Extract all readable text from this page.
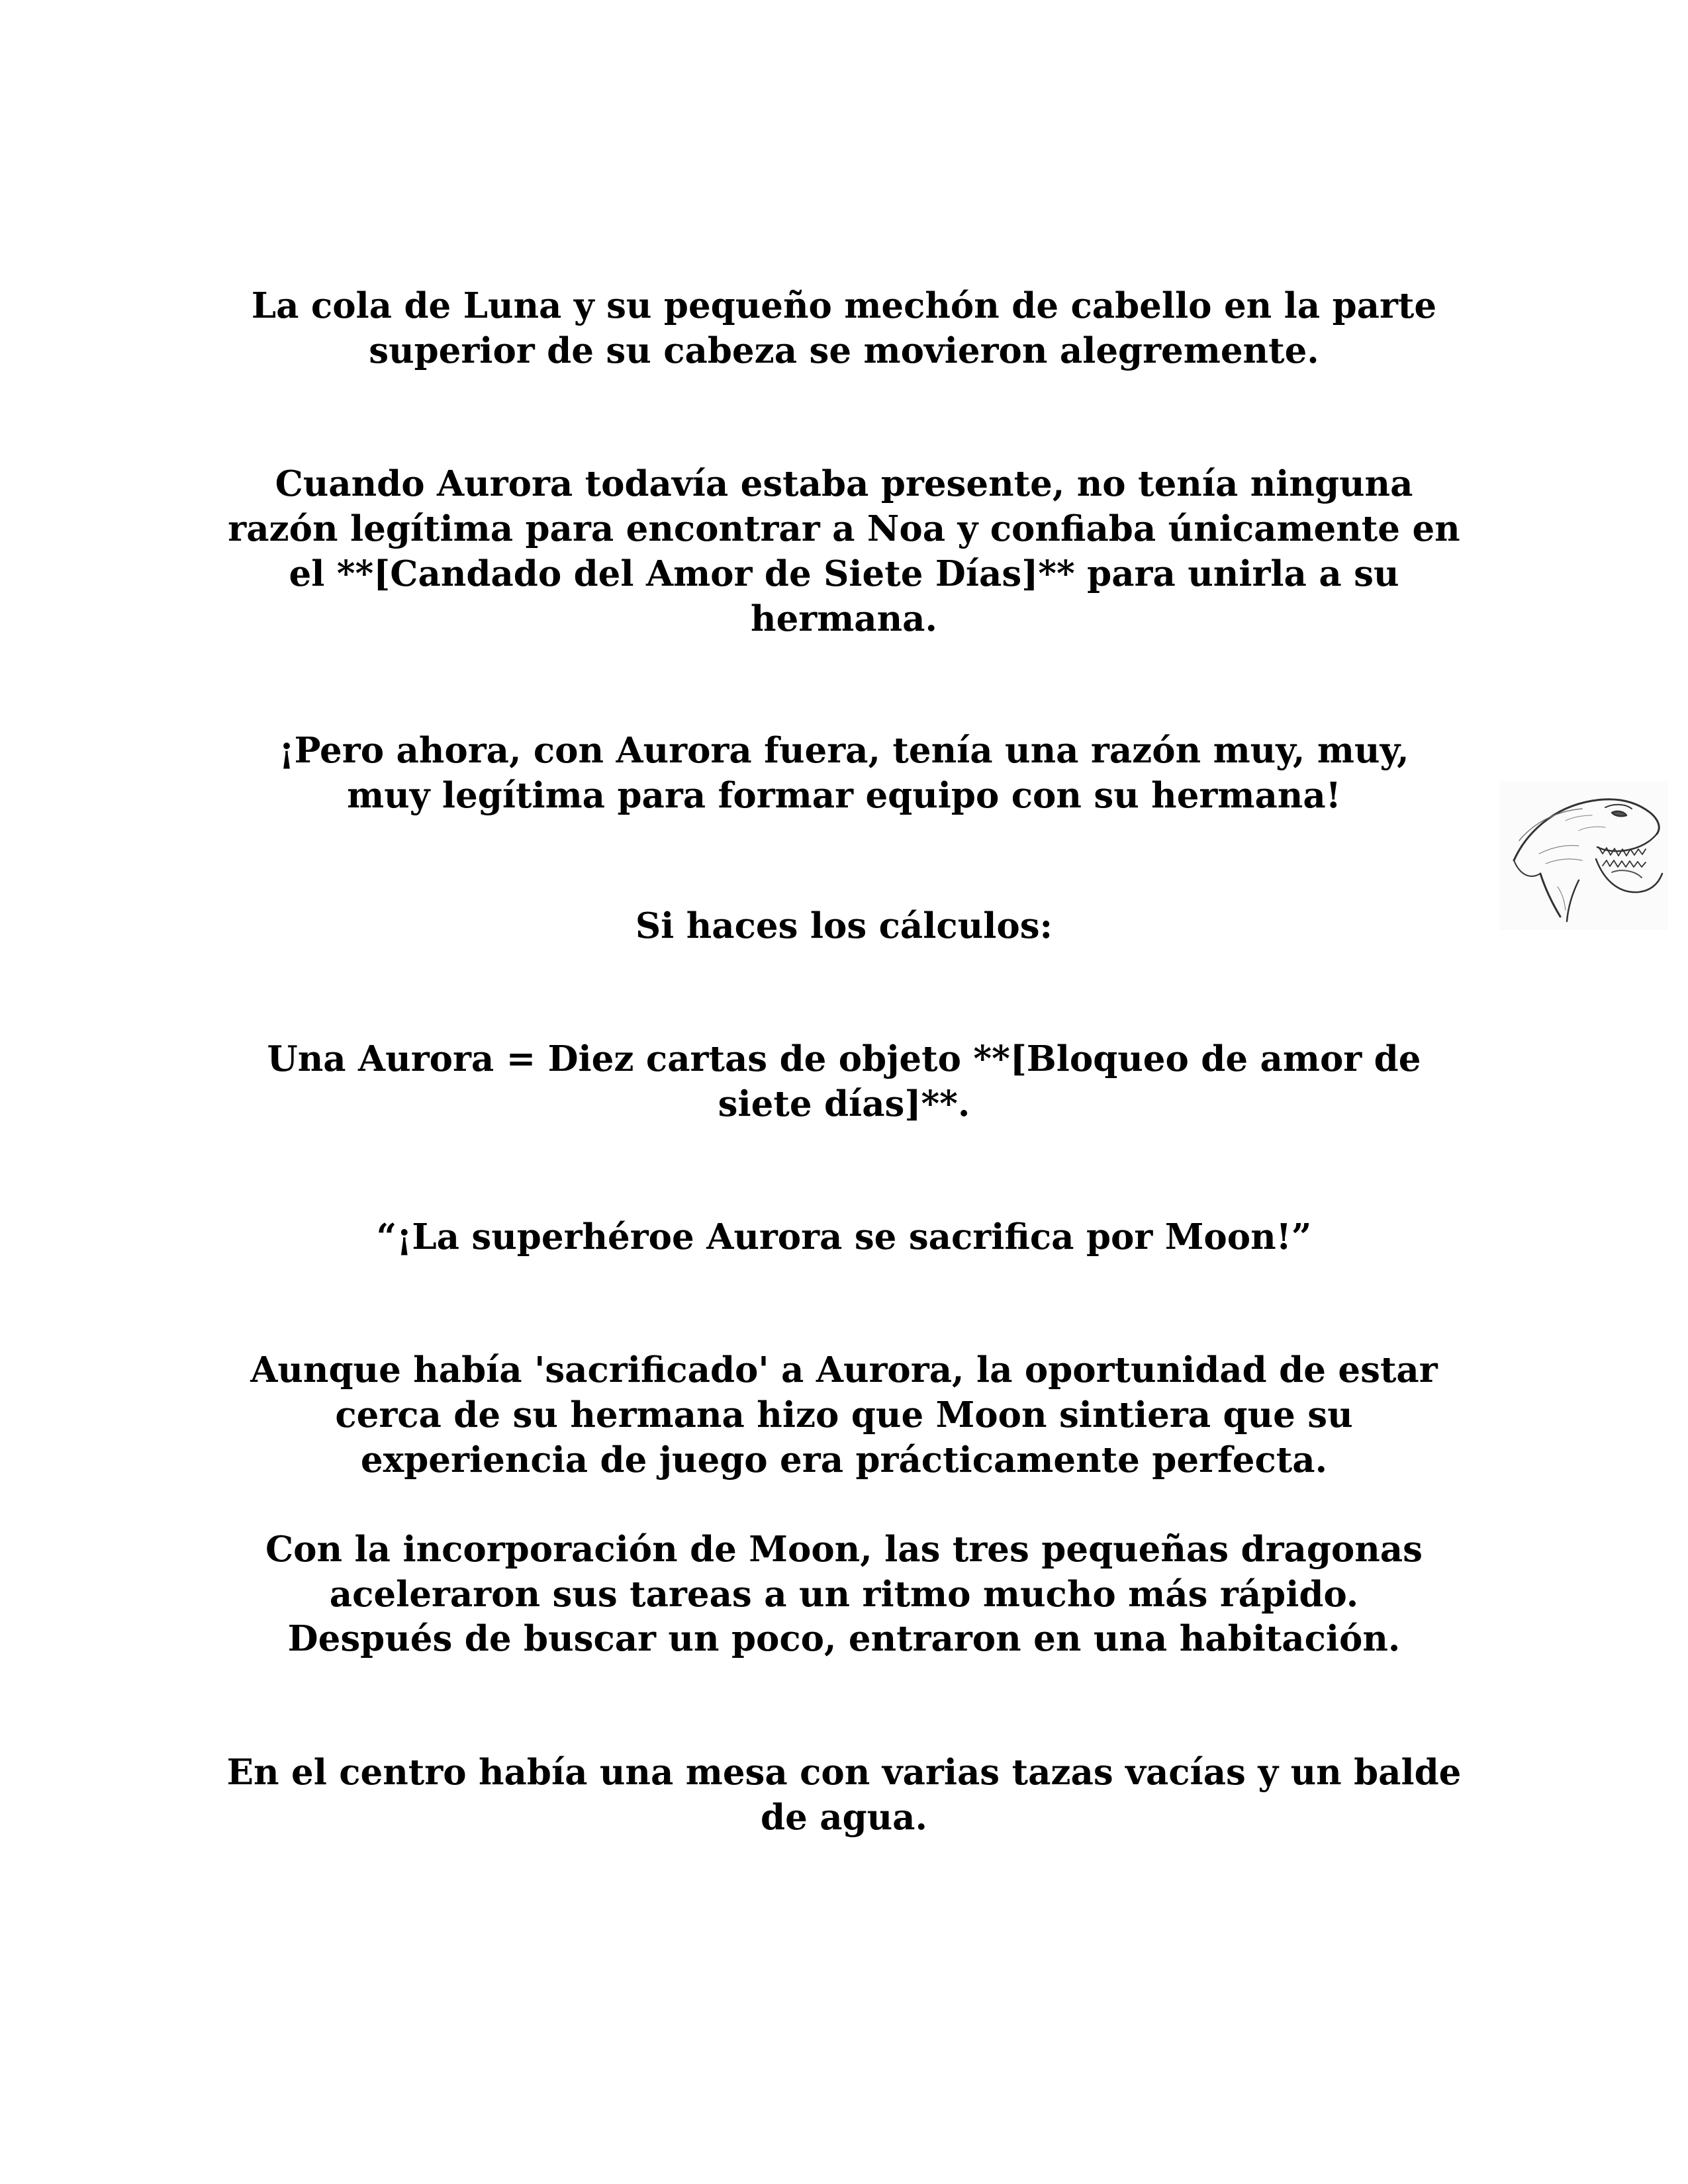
La cola de Luna y su pequeño mechón de cabello en la parte
superior de su cabeza se movieron alegremente.

Cuando Aurora todavía estaba presente, no tenía ninguna
razón legítima para encontrar a Noa y confiaba únicamente en
el **[Candado del Amor de Siete Días]** para unirla a su
hermana.

¡Pero ahora, con Aurora fuera, tenía una razón muy, muy,
muy legítima para formar equipo con su hermana!

Si haces los cálculos:

Una Aurora = Diez cartas de objeto **[Bloqueo de amor de
siete días]**.

“¡La superhéroe Aurora se sacrifica por Moon!”

Aunque había 'sacrificado' a Aurora, la oportunidad de estar
cerca de su hermana hizo que Moon sintiera que su
experiencia de juego era prácticamente perfecta.

Con la incorporación de Moon, las tres pequeñas dragonas
aceleraron sus tareas a un ritmo mucho más rápido.

Después de buscar un poco, entraron en una habitación.

En el centro había una mesa con varias tazas vacías y un balde
de agua.
